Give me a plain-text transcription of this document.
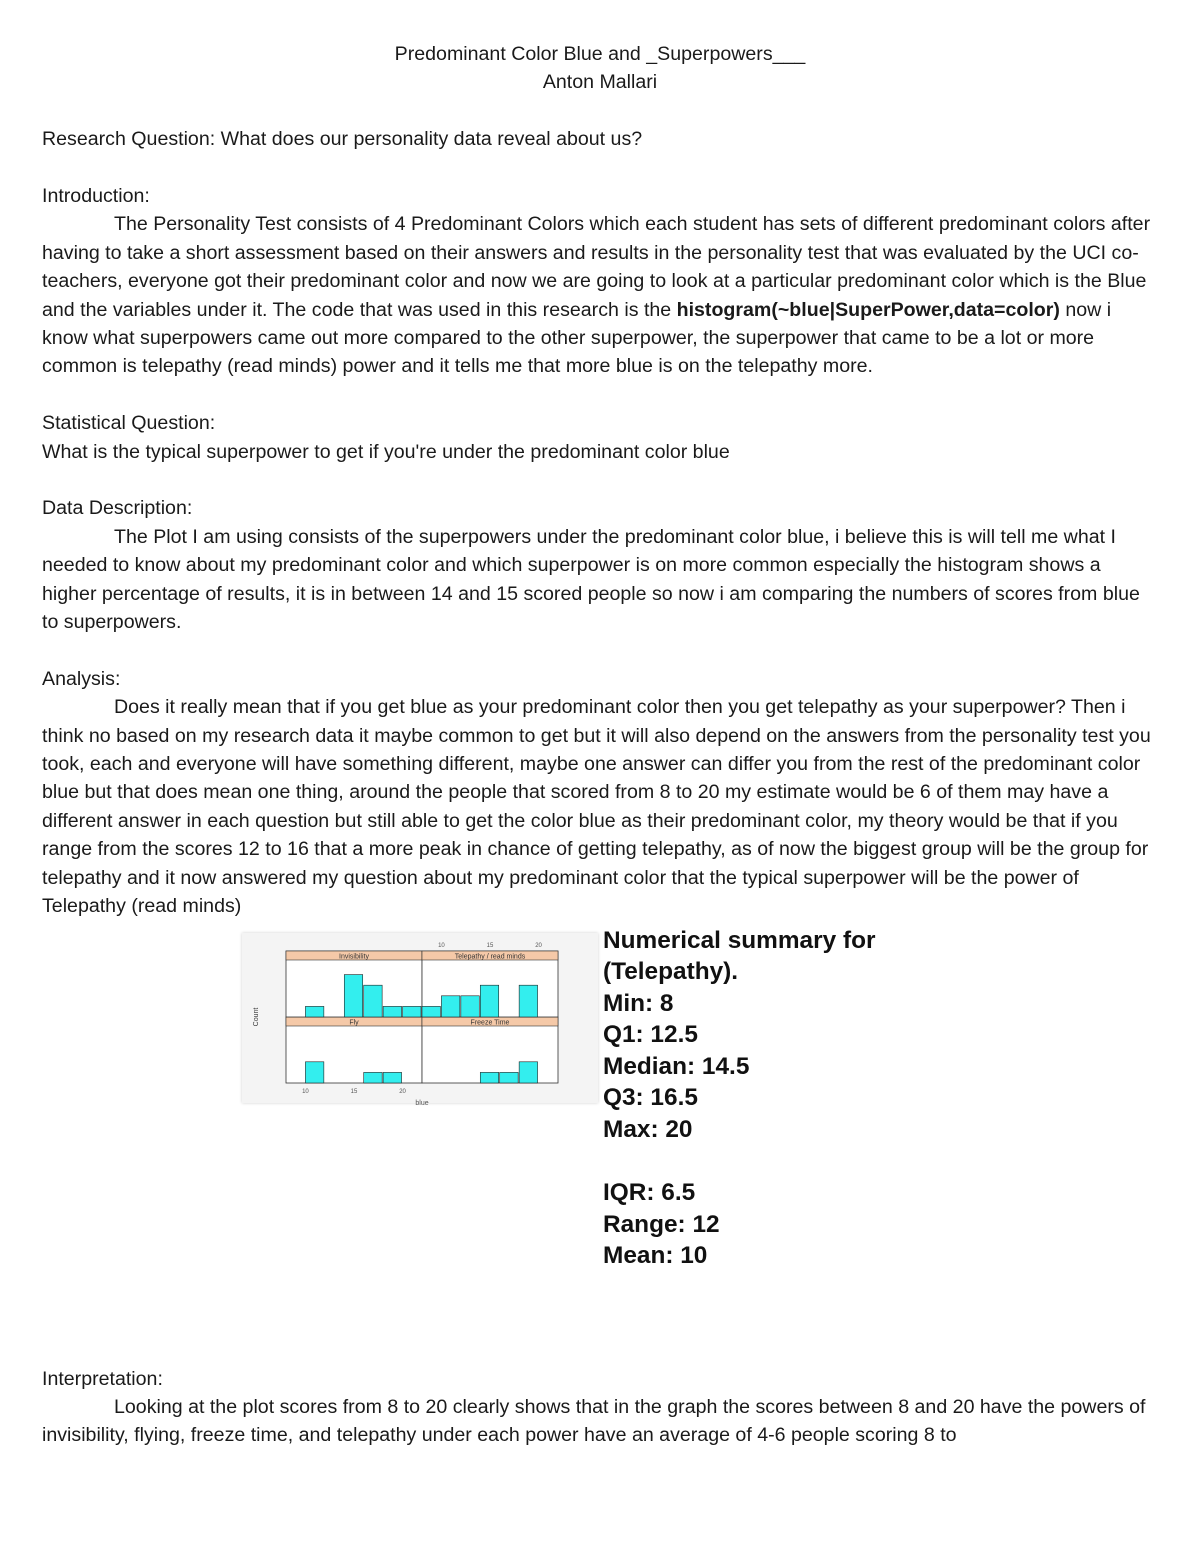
Predominant Color Blue and _Superpowers___

Anton Mallari

Research Question: What does our personality data reveal about us?

Introduction:

The Personality Test consists of 4 Predominant Colors which each student has sets of different predominant colors after having to take a short assessment based on their answers and results in the personality test that was evaluated by the UCI co-teachers, everyone got their predominant color and now we are going to look at a particular predominant color which is the Blue and the variables under it. The code that was used in this research is the histogram(~blue|SuperPower,data=color) now i know what superpowers came out more compared to the other superpower, the superpower that came to be a lot or more common is telepathy (read minds) power and it tells me that more blue is on the telepathy more.

Statistical Question:

What is the typical superpower to get if you're under the predominant color blue

Data Description:

The Plot I am using consists of the superpowers under the predominant color blue, i believe this is will tell me what I needed to know about my predominant color and which superpower is on more common especially the histogram shows a higher percentage of results, it is in between 14 and 15 scored people so now i am comparing the numbers of scores from blue to superpowers.

Analysis:

Does it really mean that if you get blue as your predominant color then you get telepathy as your superpower? Then i think no based on my research data it maybe common to get but it will also depend on the answers from the personality test you took, each and everyone will have something different, maybe one answer can differ you from the rest of the predominant color blue but that does mean one thing, around the people that scored from 8 to 20 my estimate would be 6 of them may have a different answer in each question but still able to get the color blue as their predominant color, my theory would be that if you range from the scores 12 to 16 that a more peak in chance of getting telepathy, as of now the biggest group will be the group for telepathy and it now answered my question about my predominant color that the typical superpower will be the power of Telepathy (read minds)

Fly	Freeze Time
Invisibility	Telepathy / read minds
10
10
15
15
20
20
blue
Count
Numerical summary for
(Telepathy).
Min: 8
Q1: 12.5
Median: 14.5
Q3: 16.5
Max: 20
IQR: 6.5
Range: 12
Mean: 10

Interpretation:

Looking at the plot scores from 8 to 20 clearly shows that in the graph the scores between 8 and 20 have the powers of invisibility, flying, freeze time, and telepathy under each power have an average of 4-6 people scoring 8 to
